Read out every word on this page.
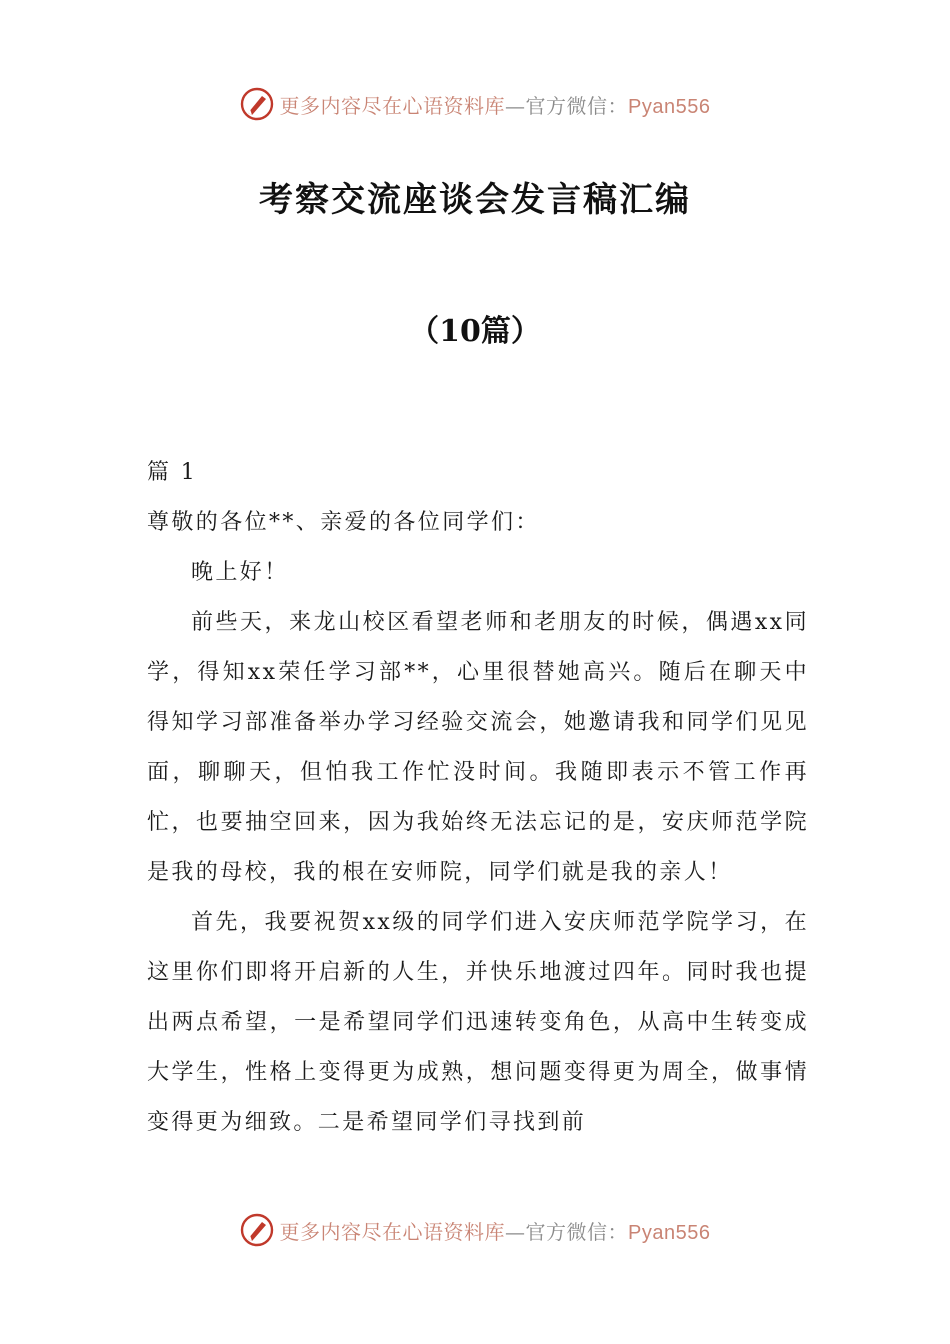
更多内容尽在心语资料库—官方微信：Pyan556
考察交流座谈会发言稿汇编
（10篇）

篇 1

尊敬的各位**、亲爱的各位同学们：

晚上好！

前些天，来龙山校区看望老师和老朋友的时候，偶遇xx同学，得知xx荣任学习部**，心里很替她高兴。随后在聊天中得知学习部准备举办学习经验交流会，她邀请我和同学们见见面，聊聊天，但怕我工作忙没时间。我随即表示不管工作再忙，也要抽空回来，因为我始终无法忘记的是，安庆师范学院是我的母校，我的根在安师院，同学们就是我的亲人！

首先，我要祝贺xx级的同学们进入安庆师范学院学习，在这里你们即将开启新的人生，并快乐地渡过四年。同时我也提出两点希望，一是希望同学们迅速转变角色，从高中生转变成大学生，性格上变得更为成熟，想问题变得更为周全，做事情变得更为细致。二是希望同学们寻找到前

更多内容尽在心语资料库—官方微信：Pyan556
